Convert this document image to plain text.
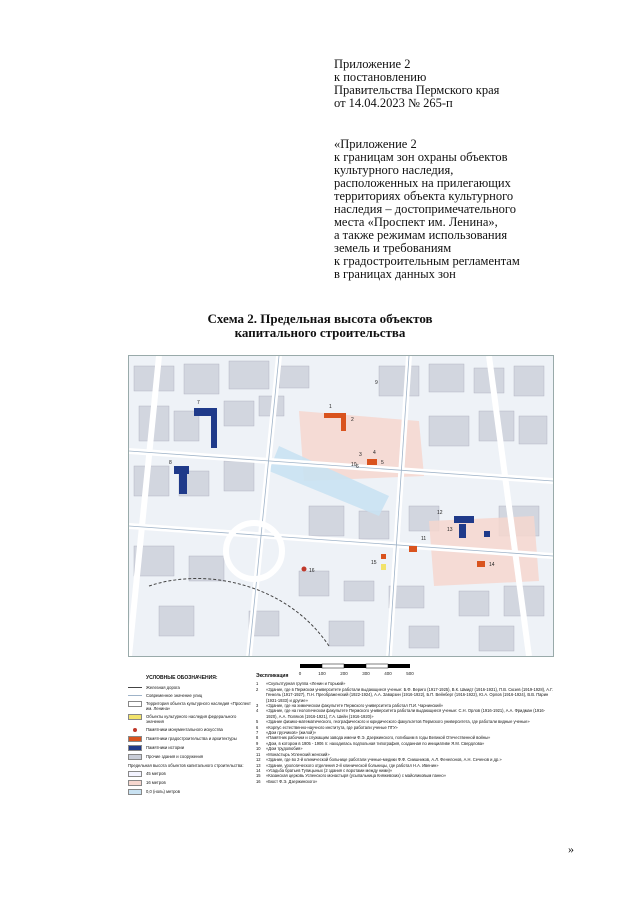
Приложение 2
к постановлению
Правительства Пермского края
от 14.04.2023 № 265-п
«Приложение 2
к границам зон охраны объектов
культурного наследия,
расположенных на прилегающих
территориях объекта культурного
наследия – достопримечательного
места «Проспект им. Ленина»,
а также режимам использования
земель и требованиям
к градостроительным регламентам
в границах данных зон
Схема 2. Предельная высота объектов
капитального строительства
1
2
3 4
5
6
7
8
9
10
11
12
13
14
15
16
0	100	200	300	400	500
УСЛОВНЫЕ ОБОЗНАЧЕНИЯ:
Железная дорога
Современное значение улиц
Территория объекта культурного наследия «Проспект им. Ленина»
Объекты культурного наследия федерального значения
Памятники монументального искусства
Памятники градостроительства и архитектуры
Памятники истории
Прочие здания и сооружения
Предельная высота объектов капитального строительства:
45 метров
16 метров
0,0 (ноль) метров
Экспликация
1	«Скульптурная группа «Ленин и Горький»
2	«Здание, где в Пермском университете работали выдающиеся ученые: Б.Ф. Вериго (1917-1925), В.К. Шмидт (1916-1931), П.В. Сюзев (1919-1928), А.Г. Генкель (1917-1927), П.Н. Преображенский (1922-1924), А.А. Заварзин (1916-1922), Б.П. Вейнберг (1916-1922), Ю.А. Орлов (1916-1924), В.В. Парин (1931-1933) и другие»
3	«Здание, где на химическом факультете Пермского университета работал П.И. Чарнинский»
4	«Здание, где на геологическом факультете Пермского университета работали выдающиеся ученые: С.Н. Орлов (1916-1921), А.А. Фридман (1916-1920), А.А. Поляков (1916-1921), Г.А. Шейн (1916-1920)»
5	«Здание физико-математического, географического и юридического факультетов Пермского университета, где работали видные ученые»
6	«Корпус естественно-научного института, где работали ученые ПГУ»
7	«Дом грузчиков» (жилой)»
8	«Памятник рабочим и служащим завода имени Ф.Э. Дзержинского, погибшим в годы Великой Отечественной войны»
9	«Дом, в котором в 1905 - 1906 гг. находилась подпольная типография, созданная по инициативе Я.М. Свердлова»
10	«Дом трудолюбия»
11	«Монастырь Успенский женский»
12	«Здание, где во 2-й клинической больнице работали ученые-медики Ф.Ф. Сиишников, А.Л. Фенелонов, А.Н. Сеченов и др.»
13	«Здание, урологического отделения 2-й клинической больницы, где работал Н.А. Ивенин»
14	«Усадьба братьев Тупицыных (2 здания с воротами между ними)»
15	«Казанская церковь Успенского монастыря (усыпальница Княжевских) с майоликовым панно»
16	«Бюст Ф.Э. Дзержинского»
»
